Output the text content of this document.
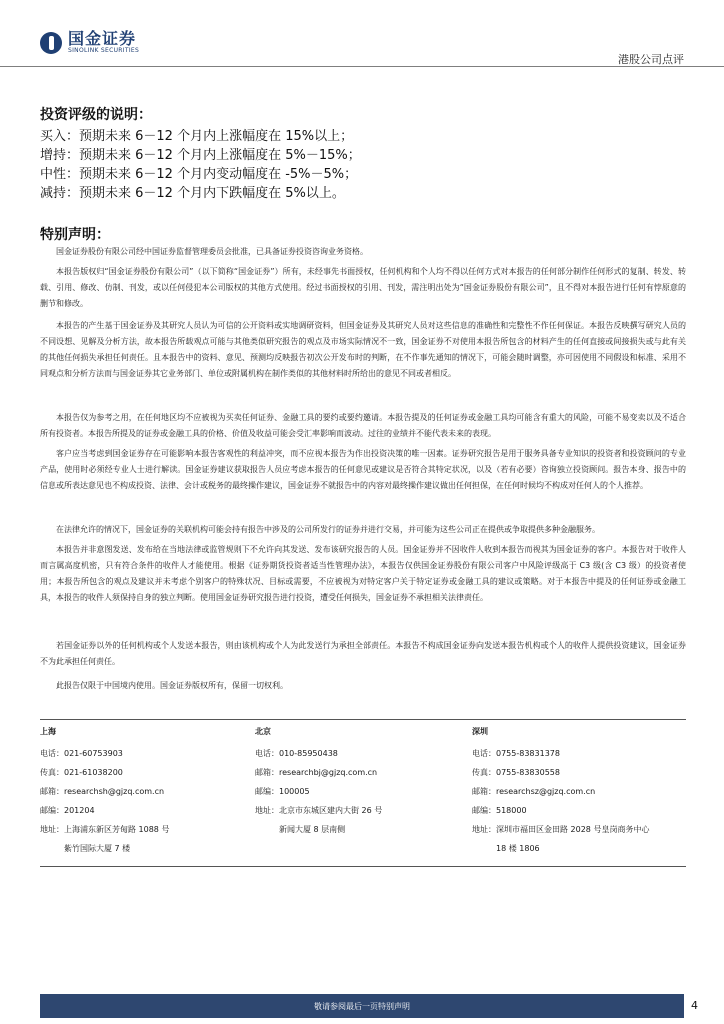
国金证券
SINOLINK SECURITIES
港股公司点评
投资评级的说明：
买入：预期未来 6－12 个月内上涨幅度在 15%以上；
增持：预期未来 6－12 个月内上涨幅度在 5%－15%；
中性：预期未来 6－12 个月内变动幅度在 -5%－5%；
减持：预期未来 6－12 个月内下跌幅度在 5%以上。
特别声明：

国金证券股份有限公司经中国证券监督管理委员会批准，已具备证券投资咨询业务资格。

本报告版权归“国金证券股份有限公司”（以下简称“国金证券”）所有，未经事先书面授权，任何机构和个人均不得以任何方式对本报告的任何部分制作任何形式的复制、转发、转载、引用、修改、仿制、刊发，或以任何侵犯本公司版权的其他方式使用。经过书面授权的引用、刊发，需注明出处为“国金证券股份有限公司”，且不得对本报告进行任何有悖原意的删节和修改。

本报告的产生基于国金证券及其研究人员认为可信的公开资料或实地调研资料，但国金证券及其研究人员对这些信息的准确性和完整性不作任何保证。本报告反映撰写研究人员的不同设想、见解及分析方法，故本报告所载观点可能与其他类似研究报告的观点及市场实际情况不一致，国金证券不对使用本报告所包含的材料产生的任何直接或间接损失或与此有关的其他任何损失承担任何责任。且本报告中的资料、意见、预测均反映报告初次公开发布时的判断，在不作事先通知的情况下，可能会随时调整，亦可因使用不同假设和标准、采用不同观点和分析方法而与国金证券其它业务部门、单位或附属机构在制作类似的其他材料时所给出的意见不同或者相反。

本报告仅为参考之用，在任何地区均不应被视为买卖任何证券、金融工具的要约或要约邀请。本报告提及的任何证券或金融工具均可能含有重大的风险，可能不易变卖以及不适合所有投资者。本报告所提及的证券或金融工具的价格、价值及收益可能会受汇率影响而波动。过往的业绩并不能代表未来的表现。

客户应当考虑到国金证券存在可能影响本报告客观性的利益冲突，而不应视本报告为作出投资决策的唯一因素。证券研究报告是用于服务具备专业知识的投资者和投资顾问的专业产品，使用时必须经专业人士进行解读。国金证券建议获取报告人员应考虑本报告的任何意见或建议是否符合其特定状况，以及（若有必要）咨询独立投资顾问。报告本身、报告中的信息或所表达意见也不构成投资、法律、会计或税务的最终操作建议，国金证券不就报告中的内容对最终操作建议做出任何担保，在任何时候均不构成对任何人的个人推荐。

在法律允许的情况下，国金证券的关联机构可能会持有报告中涉及的公司所发行的证券并进行交易，并可能为这些公司正在提供或争取提供多种金融服务。

本报告并非意图发送、发布给在当地法律或监管规则下不允许向其发送、发布该研究报告的人员。国金证券并不因收件人收到本报告而视其为国金证券的客户。本报告对于收件人而言属高度机密，只有符合条件的收件人才能使用。根据《证券期货投资者适当性管理办法》，本报告仅供国金证券股份有限公司客户中风险评级高于 C3 级(含 C3 级）的投资者使用；本报告所包含的观点及建议并未考虑个别客户的特殊状况、目标或需要，不应被视为对特定客户关于特定证券或金融工具的建议或策略。对于本报告中提及的任何证券或金融工具，本报告的收件人须保持自身的独立判断。使用国金证券研究报告进行投资，遭受任何损失，国金证券不承担相关法律责任。

若国金证券以外的任何机构或个人发送本报告，则由该机构或个人为此发送行为承担全部责任。本报告不构成国金证券向发送本报告机构或个人的收件人提供投资建议，国金证券不为此承担任何责任。

此报告仅限于中国境内使用。国金证券版权所有，保留一切权利。

上海
电话：021-60753903
传真：021-61038200
邮箱：researchsh@gjzq.com.cn
邮编：201204
地址：上海浦东新区芳甸路 1088 号
紫竹国际大厦 7 楼
北京
电话：010-85950438
邮箱：researchbj@gjzq.com.cn
邮编：100005
地址：北京市东城区建内大街 26 号
新闻大厦 8 层南侧
深圳
电话：0755-83831378
传真：0755-83830558
邮箱：researchsz@gjzq.com.cn
邮编：518000
地址：深圳市福田区金田路 2028 号皇岗商务中心
18 楼 1806
敬请参阅最后一页特别声明	4
